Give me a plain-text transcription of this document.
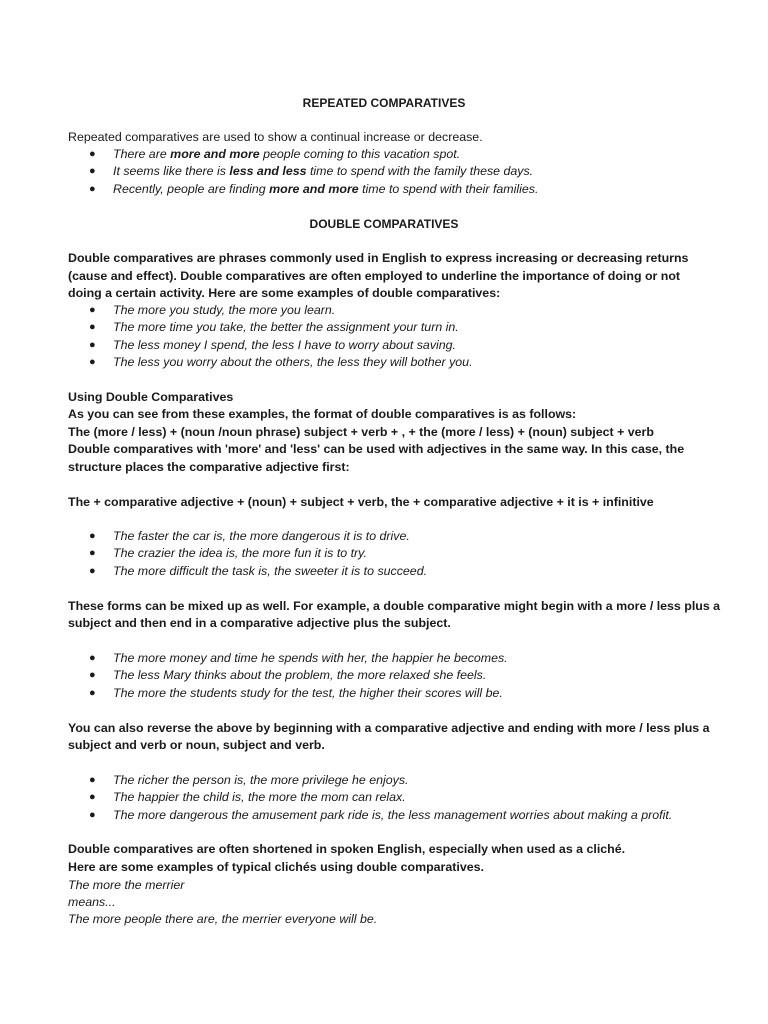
REPEATED COMPARATIVES
Repeated comparatives are used to show a continual increase or decrease.
● There are more and more people coming to this vacation spot.
● It seems like there is less and less time to spend with the family these days.
● Recently, people are finding more and more time to spend with their families.
DOUBLE COMPARATIVES
Double comparatives are phrases commonly used in English to express increasing or decreasing returns (cause and effect). Double comparatives are often employed to underline the importance of doing or not doing a certain activity. Here are some examples of double comparatives:
● The more you study, the more you learn.
● The more time you take, the better the assignment your turn in.
● The less money I spend, the less I have to worry about saving.
● The less you worry about the others, the less they will bother you.
Using Double Comparatives
As you can see from these examples, the format of double comparatives is as follows:
The (more / less) + (noun /noun phrase) subject + verb + , + the (more / less) + (noun) subject + verb
Double comparatives with 'more' and 'less' can be used with adjectives in the same way. In this case, the
structure places the comparative adjective first:
The + comparative adjective + (noun) + subject + verb, the + comparative adjective + it is + infinitive
● The faster the car is, the more dangerous it is to drive.
● The crazier the idea is, the more fun it is to try.
● The more difficult the task is, the sweeter it is to succeed.
These forms can be mixed up as well. For example, a double comparative might begin with a more / less plus a
subject and then end in a comparative adjective plus the subject.
● The more money and time he spends with her, the happier he becomes.
● The less Mary thinks about the problem, the more relaxed she feels.
● The more the students study for the test, the higher their scores will be.
You can also reverse the above by beginning with a comparative adjective and ending with more / less plus a
subject and verb or noun, subject and verb.
● The richer the person is, the more privilege he enjoys.
● The happier the child is, the more the mom can relax.
● The more dangerous the amusement park ride is, the less management worries about making a profit.
Double comparatives are often shortened in spoken English, especially when used as a cliché.
Here are some examples of typical clichés using double comparatives.
The more the merrier
means...
The more people there are, the merrier everyone will be.
